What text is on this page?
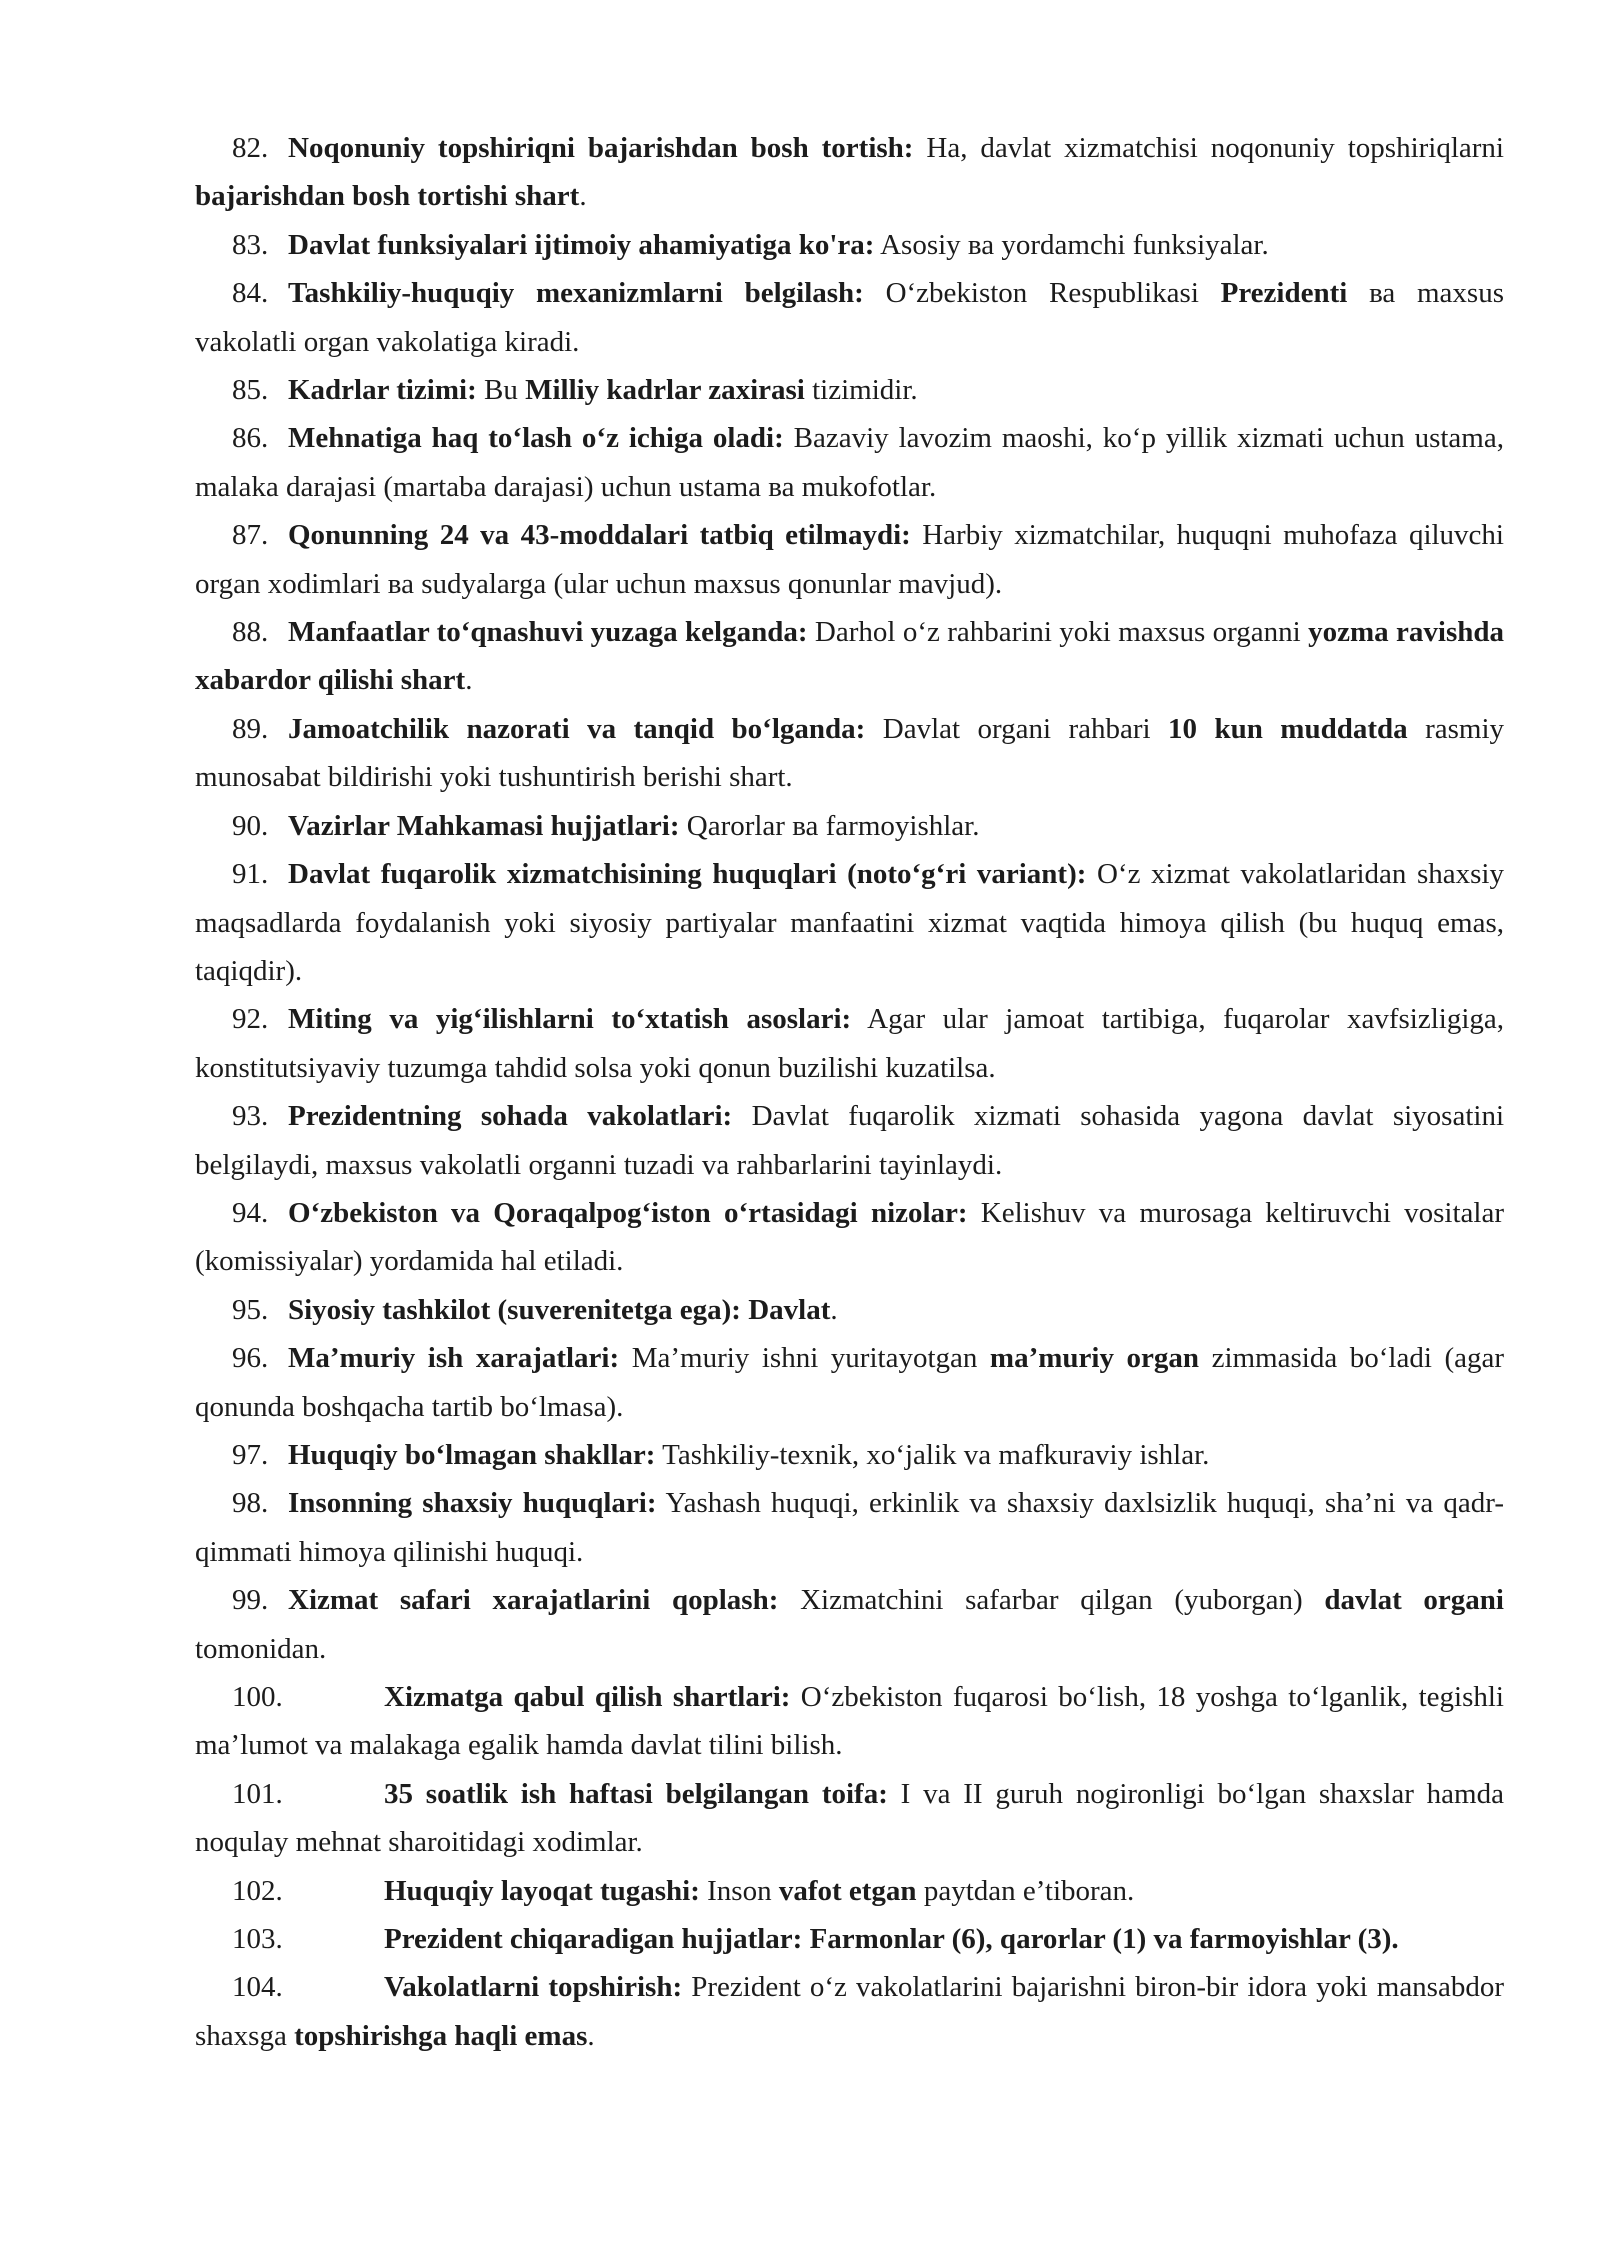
82. Noqonuniy topshiriqni bajarishdan bosh tortish: Ha, davlat xizmatchisi noqonuniy topshiriqlarni bajarishdan bosh tortishi shart.

83. Davlat funksiyalari ijtimoiy ahamiyatiga ko'ra: Asosiy ва yordamchi funksiyalar.

84. Tashkiliy-huquqiy mexanizmlarni belgilash: O‘zbekiston Respublikasi Prezidenti ва maxsus vakolatli organ vakolatiga kiradi.

85. Kadrlar tizimi: Bu Milliy kadrlar zaxirasi tizimidir.

86. Mehnatiga haq to‘lash o‘z ichiga oladi: Bazaviy lavozim maoshi, ko‘p yillik xizmati uchun ustama, malaka darajasi (martaba darajasi) uchun ustama ва mukofotlar.

87. Qonunning 24 va 43-moddalari tatbiq etilmaydi: Harbiy xizmatchilar, huquqni muhofaza qiluvchi organ xodimlari ва sudyalarga (ular uchun maxsus qonunlar mavjud).

88. Manfaatlar to‘qnashuvi yuzaga kelganda: Darhol o‘z rahbarini yoki maxsus organni yozma ravishda xabardor qilishi shart.

89. Jamoatchilik nazorati va tanqid bo‘lganda: Davlat organi rahbari 10 kun muddatda rasmiy munosabat bildirishi yoki tushuntirish berishi shart.

90. Vazirlar Mahkamasi hujjatlari: Qarorlar ва farmoyishlar.

91. Davlat fuqarolik xizmatchisining huquqlari (noto‘g‘ri variant): O‘z xizmat vakolatlaridan shaxsiy maqsadlarda foydalanish yoki siyosiy partiyalar manfaatini xizmat vaqtida himoya qilish (bu huquq emas, taqiqdir).

92. Miting va yig‘ilishlarni to‘xtatish asoslari: Agar ular jamoat tartibiga, fuqarolar xavfsizligiga, konstitutsiyaviy tuzumga tahdid solsa yoki qonun buzilishi kuzatilsa.

93. Prezidentning sohada vakolatlari: Davlat fuqarolik xizmati sohasida yagona davlat siyosatini belgilaydi, maxsus vakolatli organni tuzadi va rahbarlarini tayinlaydi.

94. O‘zbekiston va Qoraqalpog‘iston o‘rtasidagi nizolar: Kelishuv va murosaga keltiruvchi vositalar (komissiyalar) yordamida hal etiladi.

95. Siyosiy tashkilot (suverenitetga ega): Davlat.

96. Ma’muriy ish xarajatlari: Ma’muriy ishni yuritayotgan ma’muriy organ zimmasida bo‘ladi (agar qonunda boshqacha tartib bo‘lmasa).

97. Huquqiy bo‘lmagan shakllar: Tashkiliy-texnik, xo‘jalik va mafkuraviy ishlar.

98. Insonning shaxsiy huquqlari: Yashash huquqi, erkinlik va shaxsiy daxlsizlik huquqi, sha’ni va qadr-qimmati himoya qilinishi huquqi.

99. Xizmat safari xarajatlarini qoplash: Xizmatchini safarbar qilgan (yuborgan) davlat organi tomonidan.

100.	Xizmatga qabul qilish shartlari: O‘zbekiston fuqarosi bo‘lish, 18 yoshga to‘lganlik, tegishli ma’lumot va malakaga egalik hamda davlat tilini bilish.

101.	35 soatlik ish haftasi belgilangan toifa: I va II guruh nogironligi bo‘lgan shaxslar hamda noqulay mehnat sharoitidagi xodimlar.

102.	Huquqiy layoqat tugashi: Inson vafot etgan paytdan e’tiboran.

103.	Prezident chiqaradigan hujjatlar: Farmonlar (6), qarorlar (1) va farmoyishlar (3).

104.	Vakolatlarni topshirish: Prezident o‘z vakolatlarini bajarishni biron-bir idora yoki mansabdor shaxsga topshirishga haqli emas.
